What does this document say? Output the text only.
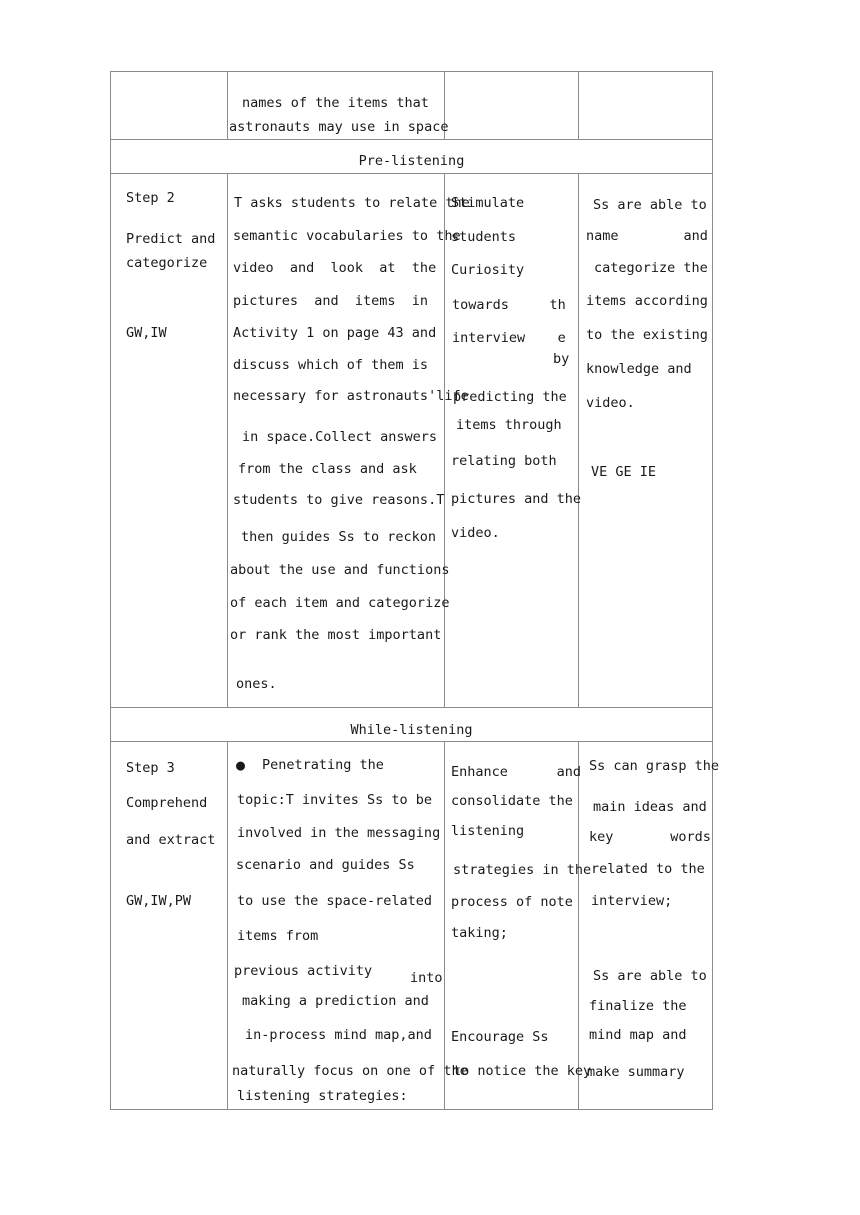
names of the items that
astronauts may use in space
Pre-listening
While-listening
Step 2
Predict and
categorize
GW,IW
T asks students to relate the
semantic vocabularies to the
video  and  look  at  the
pictures  and  items  in
Activity 1 on page 43 and
discuss which of them is
necessary for astronauts'life
in space.Collect answers
from the class and ask
students to give reasons.T
then guides Ss to reckon
about the use and functions
of each item and categorize
or rank the most important
ones.
Stimulate
students
Curiosity
towards     th
interview    e
by
predicting the
items through
relating both
pictures and the
video.
Ss are able to
name        and
categorize the
items according
to the existing
knowledge and
video.
VE GE IE
Step 3
Comprehend
and extract
GW,IW,PW
● Penetrating the
topic:T invites Ss to be
involved in the messaging
scenario and guides Ss
to use the space-related
items from
previous activity	into
making a prediction and
in-process mind map,and
naturally focus on one of the
listening strategies:
Enhance      and
consolidate the
listening
strategies in the
process of note
taking;
Encourage Ss
to notice the key
Ss can grasp the
main ideas and
key       words
related to the
interview;
Ss are able to
finalize the
mind map and
make summary
